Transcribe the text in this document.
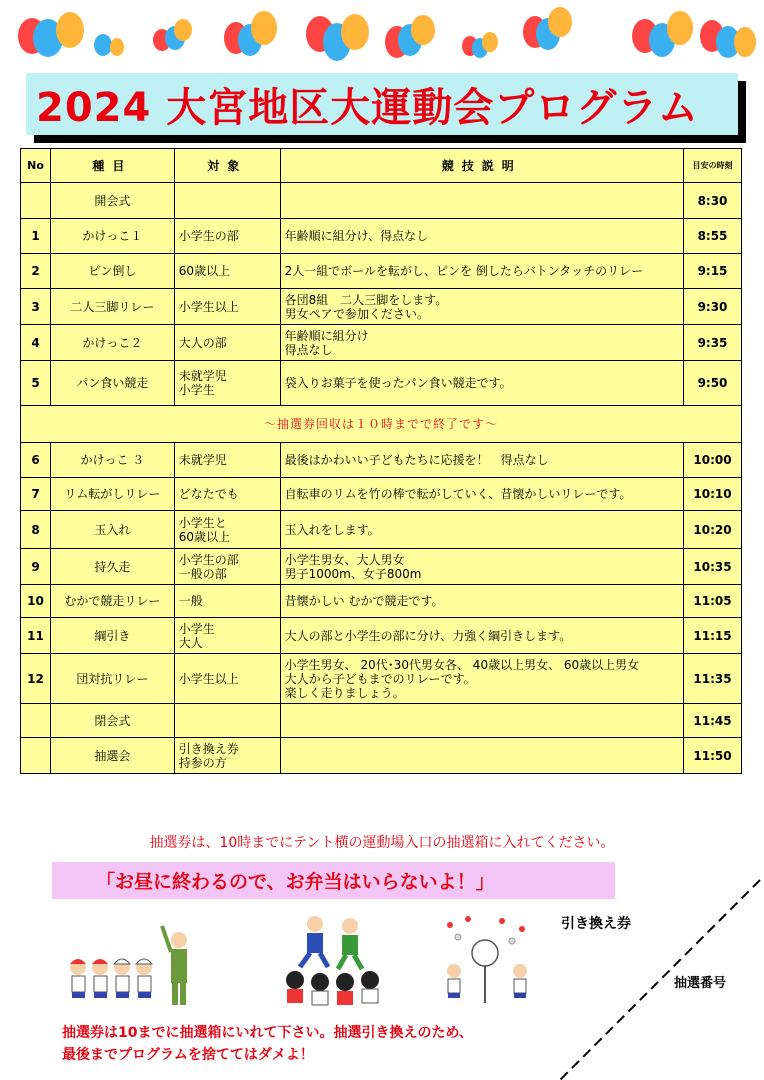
2024 大宮地区大運動会プログラム
No	種目	対象	競技説明	目安の時刻
	開会式			8:30
1	かけっこ１	小学生の部	年齢順に組分け、得点なし	8:55
2	ピン倒し	60歳以上	2人一組でボールを転がし、ピンを 倒したらバトンタッチのリレー	9:15
3	二人三脚リレー	小学生以上	各団8組　二人三脚をします。
男女ペアで参加ください。	9:30
4	かけっこ２	大人の部	年齢順に組分け
得点なし	9:35
5	パン食い競走	未就学児
小学生	袋入りお菓子を使ったパン食い競走です。	9:50
～抽選券回収は１０時までで終了です～				
6	かけっこ ３	未就学児	最後はかわいい子どもたちに応援を！　得点なし	10:00
7	リム転がしリレー	どなたでも	自転車のリムを竹の棒で転がしていく、昔懐かしいリレーです。	10:10
8	玉入れ	小学生と
60歳以上	玉入れをします。	10:20
9	持久走	小学生の部
一般の部	小学生男女、大人男女
男子1000m、女子800m	10:35
10	むかで競走リレー	一般	昔懐かしい むかで競走です。	11:05
11	綱引き	小学生
大人	大人の部と小学生の部に分け、力強く綱引きします。	11:15
12	団対抗リレー	小学生以上	小学生男女、 20代･30代男女各、 40歳以上男女、 60歳以上男女
大人から子どもまでのリレーです。
楽しく走りましょう。	11:35
	閉会式			11:45
	抽選会	引き換え券
持参の方		11:50
抽選券は、10時までにテント横の運動場入口の抽選箱に入れてください。
「お昼に終わるので、お弁当はいらないよ！」
引き換え券
抽選番号
抽選券は10までに抽選箱にいれて下さい。抽選引き換えのため、
最後までプログラムを捨ててはダメよ！
